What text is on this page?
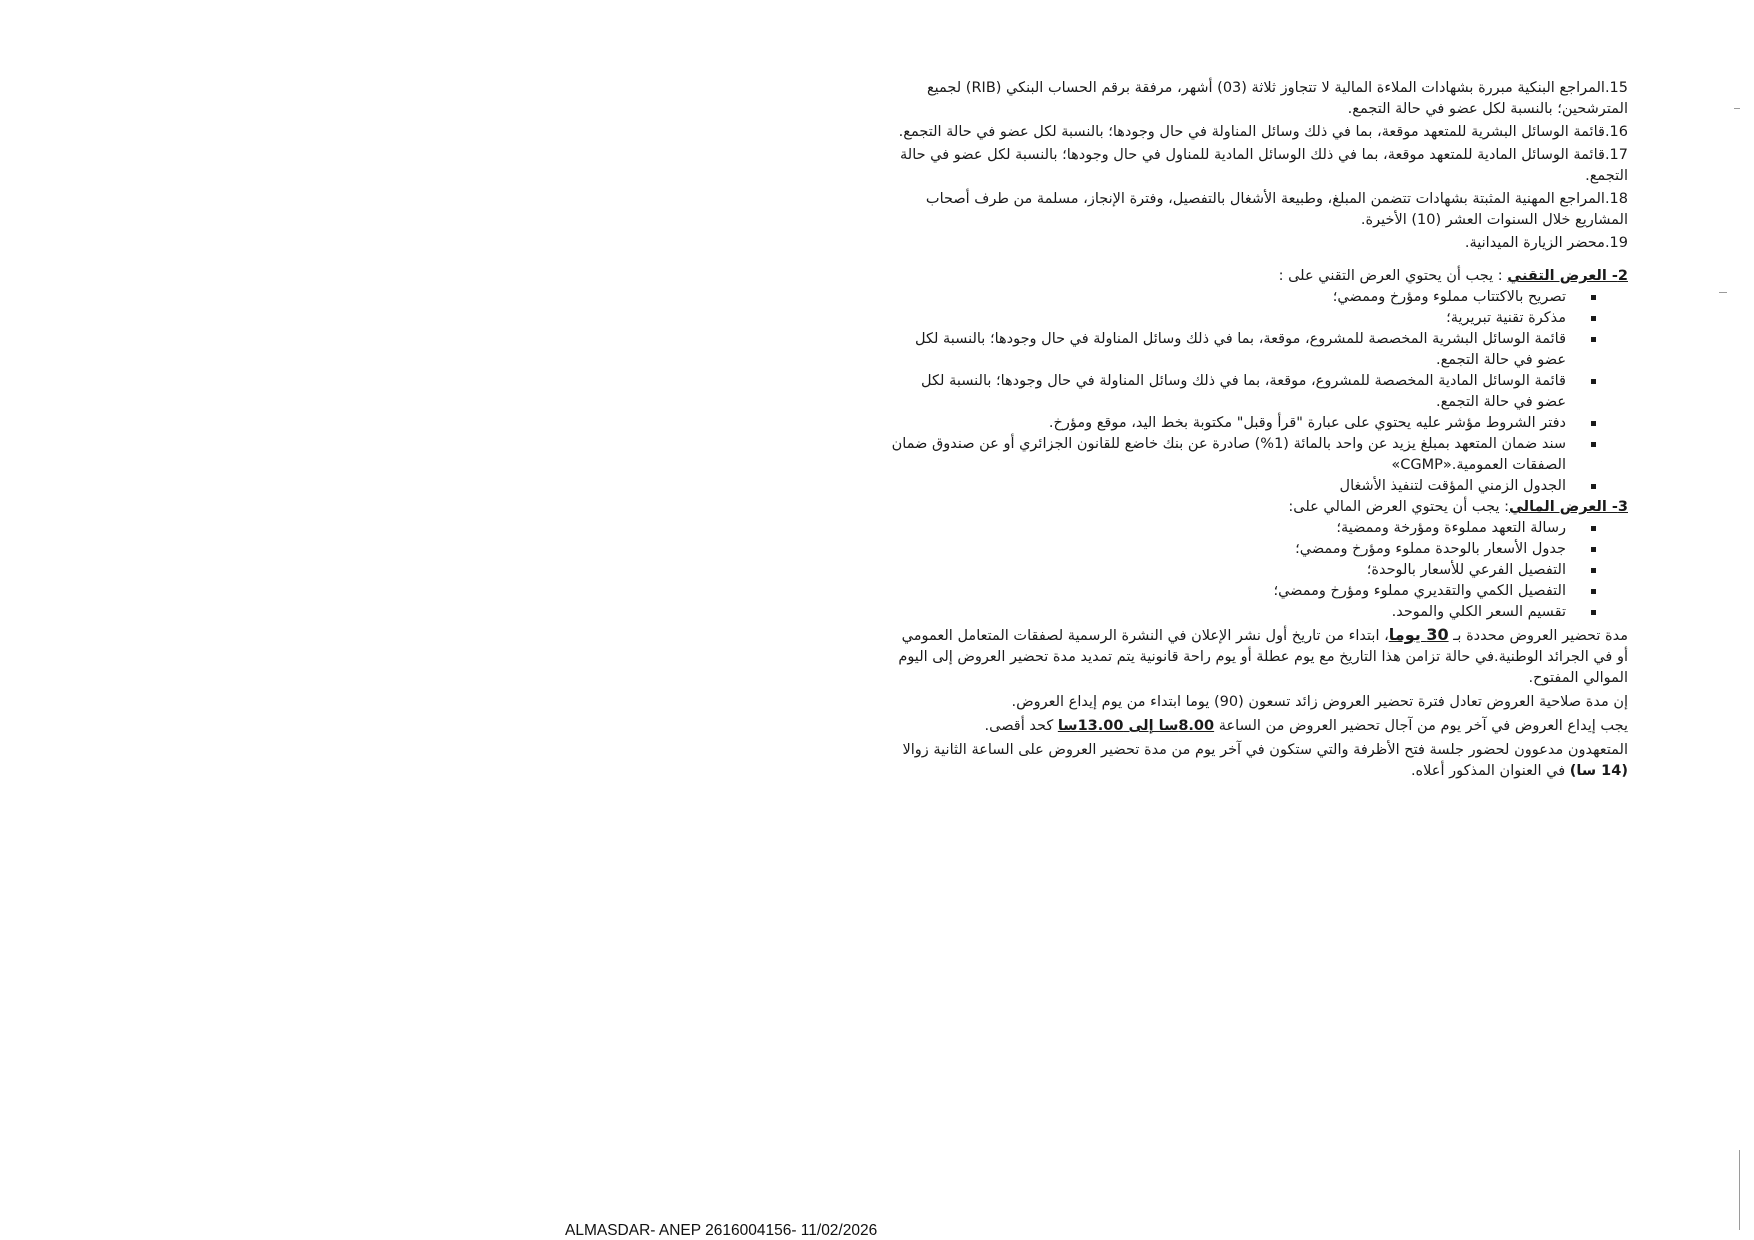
15.المراجع البنكية مبررة بشهادات الملاءة المالية لا تتجاوز ثلاثة (03) أشهر، مرفقة برقم الحساب البنكي (RIB) لجميع المترشحين؛ بالنسبة لكل عضو في حالة التجمع.

16.قائمة الوسائل البشرية للمتعهد موقعة، بما في ذلك وسائل المناولة في حال وجودها؛ بالنسبة لكل عضو في حالة التجمع.

17.قائمة الوسائل المادية للمتعهد موقعة، بما في ذلك الوسائل المادية للمناول في حال وجودها؛ بالنسبة لكل عضو في حالة التجمع.

18.المراجع المهنية المثبتة بشهادات تتضمن المبلغ، وطبيعة الأشغال بالتفصيل، وفترة الإنجاز، مسلمة من طرف أصحاب المشاريع خلال السنوات العشر (10) الأخيرة.

19.محضر الزيارة الميدانية.

2- العرض التقني : يجب أن يحتوي العرض التقني على :

تصريح بالاكتتاب مملوء ومؤرخ وممضي؛
مذكرة تقنية تبريرية؛
قائمة الوسائل البشرية المخصصة للمشروع، موقعة، بما في ذلك وسائل المناولة في حال وجودها؛ بالنسبة لكل عضو في حالة التجمع.
قائمة الوسائل المادية المخصصة للمشروع، موقعة، بما في ذلك وسائل المناولة في حال وجودها؛ بالنسبة لكل عضو في حالة التجمع.
دفتر الشروط مؤشر عليه يحتوي على عبارة "قرأ وقبل" مكتوبة بخط اليد، موقع ومؤرخ.
سند ضمان المتعهد بمبلغ يزيد عن واحد بالمائة (1%) صادرة عن بنك خاضع للقانون الجزائري أو عن صندوق ضمان الصفقات العمومية.«CGMP»
الجدول الزمني المؤقت لتنفيذ الأشغال

3- العرض المالي: يجب أن يحتوي العرض المالي على:

رسالة التعهد مملوءة ومؤرخة وممضية؛
جدول الأسعار بالوحدة مملوء ومؤرخ وممضي؛
التفصيل الفرعي للأسعار بالوحدة؛
التفصيل الكمي والتقديري مملوء ومؤرخ وممضي؛
تقسيم السعر الكلي والموحد.

مدة تحضير العروض محددة بـ 30 يوما، ابتداء من تاريخ أول نشر الإعلان في النشرة الرسمية لصفقات المتعامل العمومي أو في الجرائد الوطنية.في حالة تزامن هذا التاريخ مع يوم عطلة أو يوم راحة قانونية يتم تمديد مدة تحضير العروض إلى اليوم الموالي المفتوح.

إن مدة صلاحية العروض تعادل فترة تحضير العروض زائد تسعون (90) يوما ابتداء من يوم إيداع العروض.

يجب إيداع العروض في آخر يوم من آجال تحضير العروض من الساعة 8.00سا إلى 13.00سا كحد أقصى.

المتعهدون مدعوون لحضور جلسة فتح الأظرفة والتي ستكون في آخر يوم من مدة تحضير العروض على الساعة الثانية زوالا (14 سا) في العنوان المذكور أعلاه.

ALMASDAR- ANEP 2616004156- 11/02/2026
